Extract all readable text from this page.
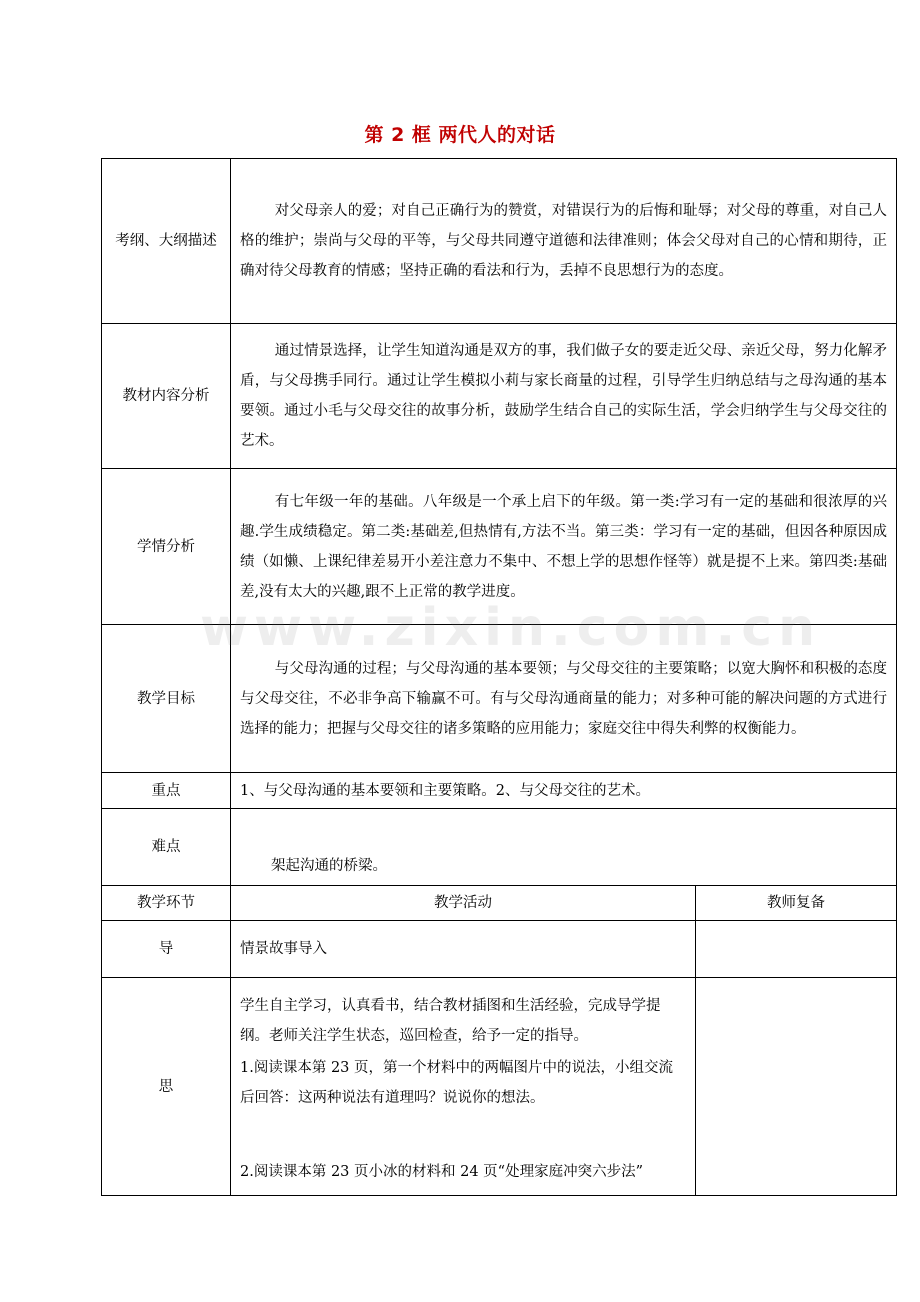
第 2 框 两代人的对话
考纲、大纲描述	对父母亲人的爱；对自己正确行为的赞赏，对错误行为的后悔和耻辱；对父母的尊重，对自己人格的维护；崇尚与父母的平等，与父母共同遵守道德和法律准则；体会父母对自己的心情和期待，正确对待父母教育的情感；坚持正确的看法和行为，丢掉不良思想行为的态度。	

教材内容分析	通过情景选择，让学生知道沟通是双方的事，我们做子女的要走近父母、亲近父母，努力化解矛盾，与父母携手同行。通过让学生模拟小莉与家长商量的过程，引导学生归纳总结与之母沟通的基本要领。通过小毛与父母交往的故事分析，鼓励学生结合自己的实际生活，学会归纳学生与父母交往的艺术。	

学情分析	有七年级一年的基础。八年级是一个承上启下的年级。第一类:学习有一定的基础和很浓厚的兴趣.学生成绩稳定。第二类:基础差,但热情有,方法不当。第三类：学习有一定的基础，但因各种原因成绩（如懒、上课纪律差易开小差注意力不集中、不想上学的思想作怪等）就是提不上来。第四类:基础差,没有太大的兴趣,跟不上正常的教学进度。	

教学目标	与父母沟通的过程；与父母沟通的基本要领；与父母交往的主要策略；以宽大胸怀和积极的态度与父母交往，不必非争高下输赢不可。有与父母沟通商量的能力；对多种可能的解决问题的方式进行选择的能力；把握与父母交往的诸多策略的应用能力；家庭交往中得失利弊的权衡能力。	

重点	1、与父母沟通的基本要领和主要策略。2、与父母交往的艺术。	
难点	架起沟通的桥梁。	
教学环节	教学活动	教师复备
导	情景故事导入	

思	学生自主学习，认真看书，结合教材插图和生活经验，完成导学提纲。老师关注学生状态，巡回检查，给予一定的指导。

1.阅读课本第 23 页，第一个材料中的两幅图片中的说法，小组交流后回答：这两种说法有道理吗？说说你的想法。

2.阅读课本第 23 页小冰的材料和 24 页“处理家庭冲突六步法”	

www.zixin.com.cn
